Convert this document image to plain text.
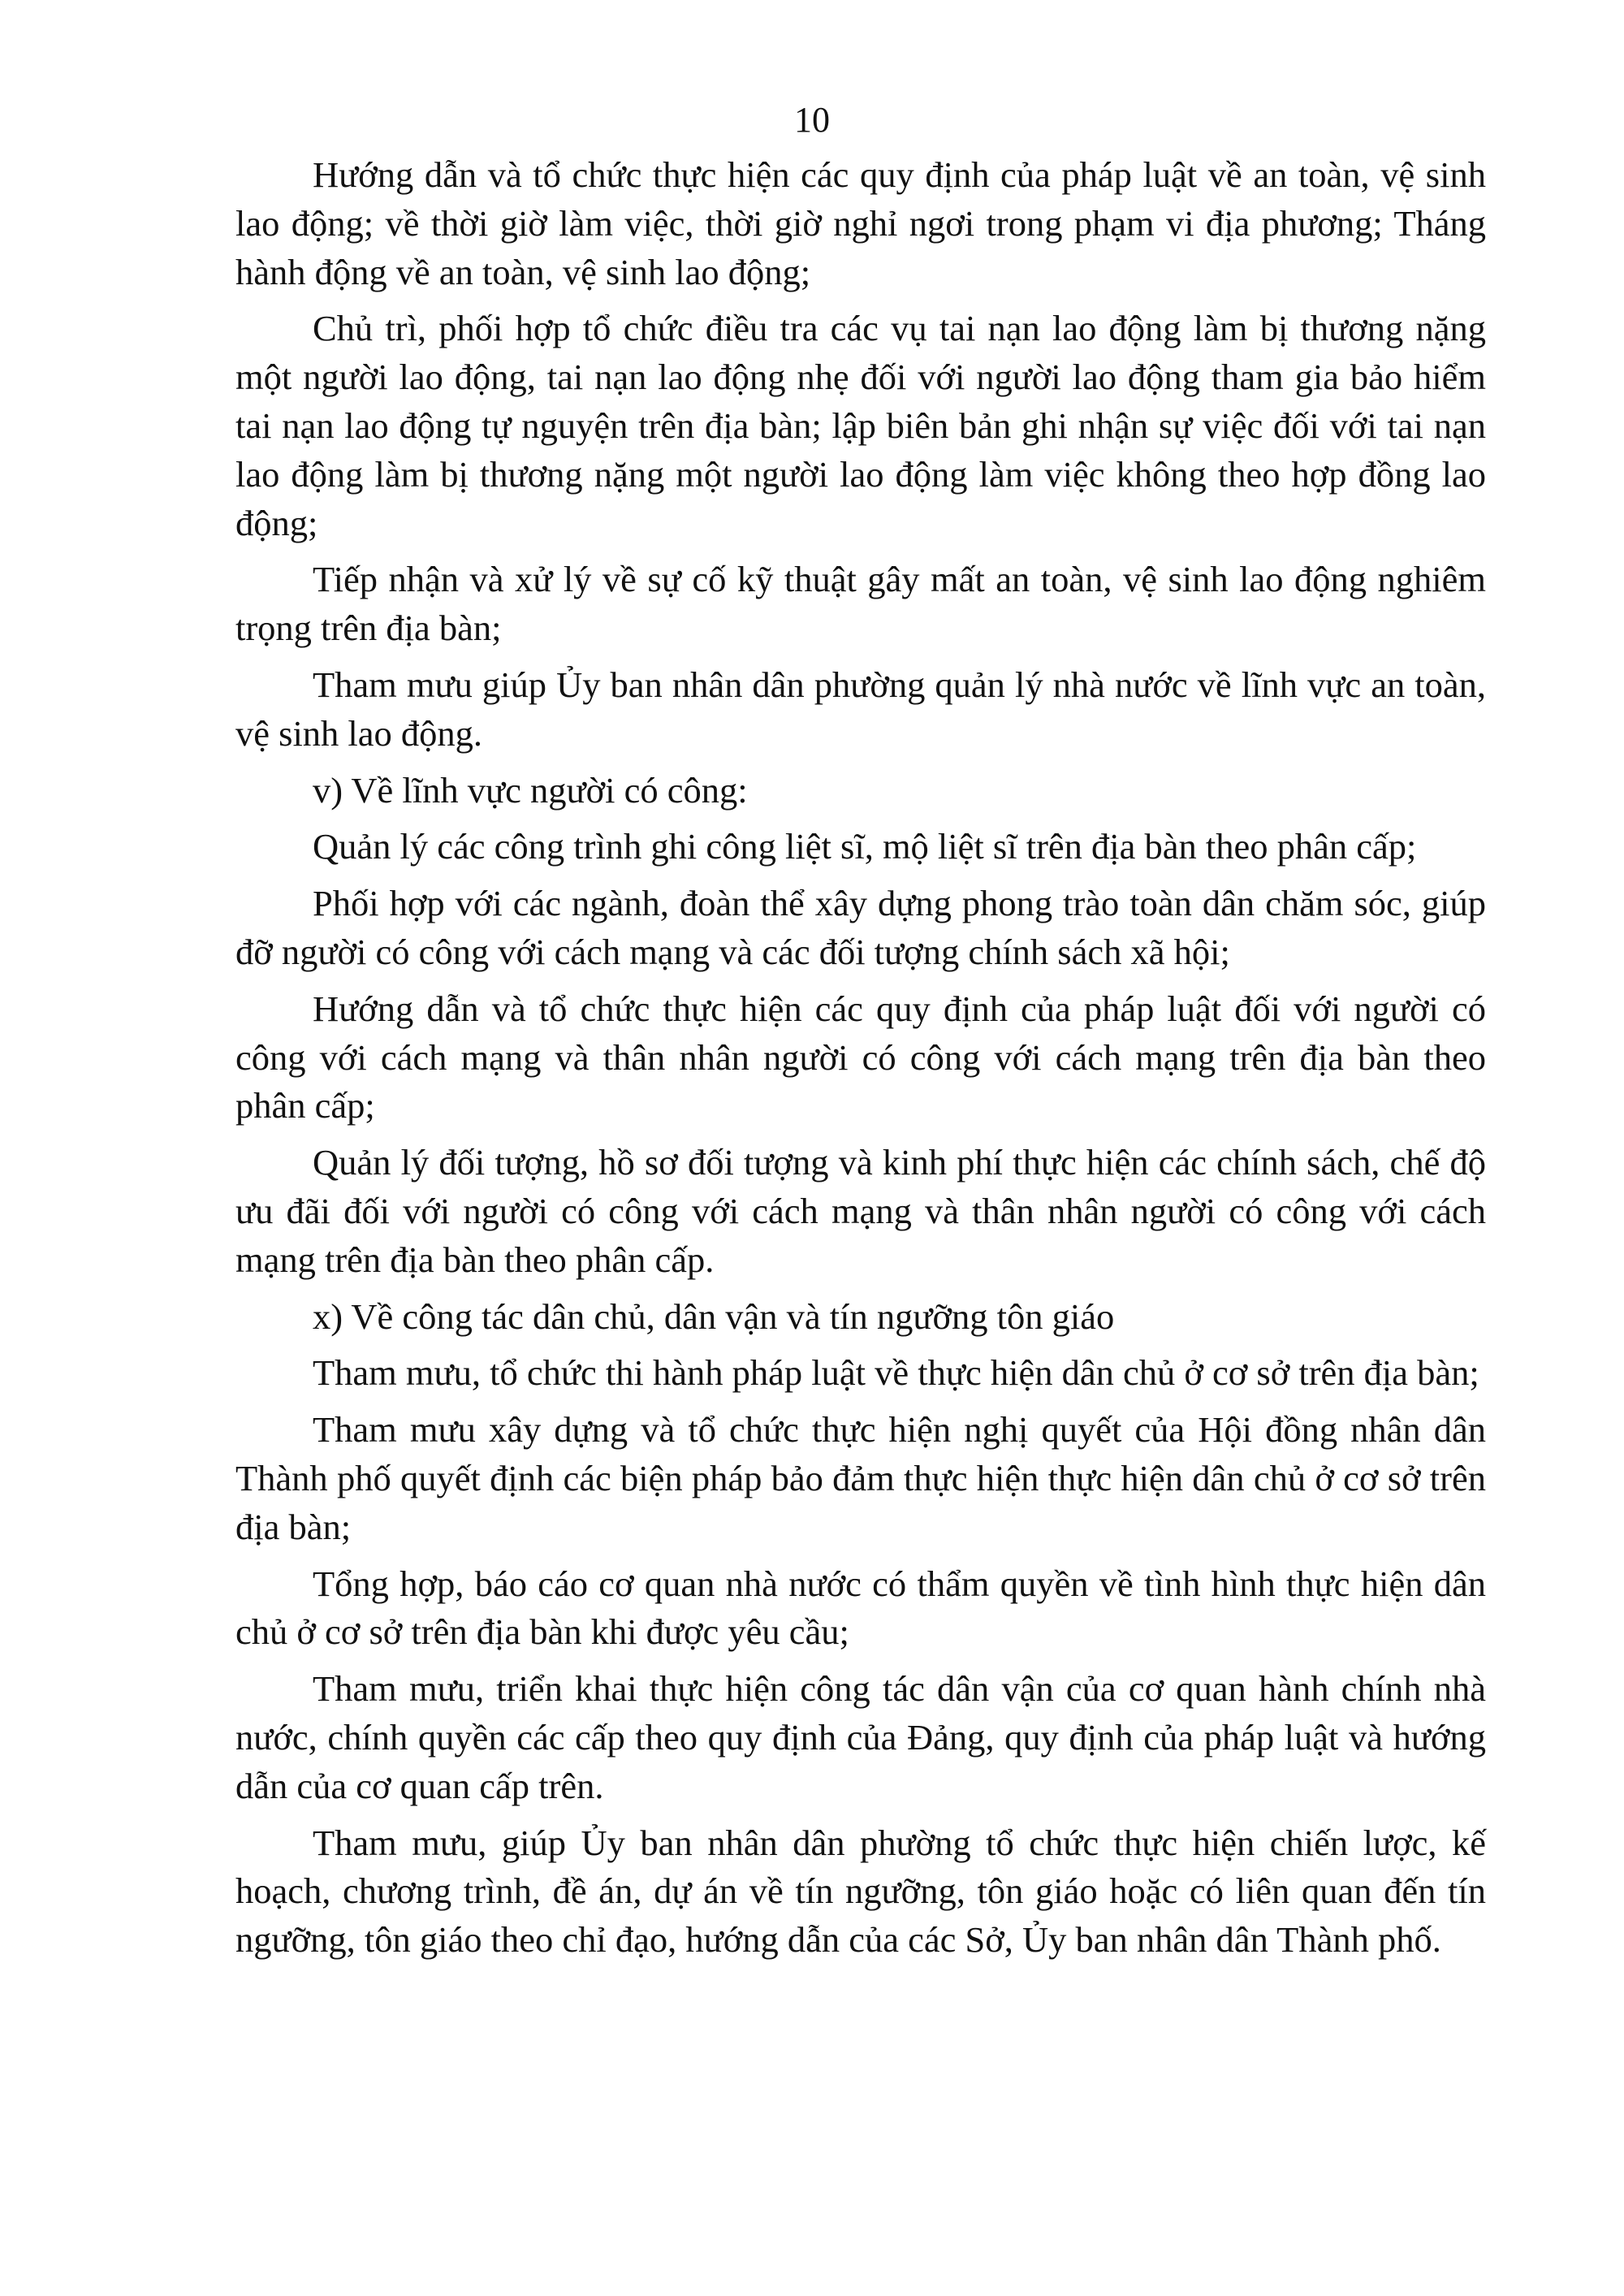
10

Hướng dẫn và tổ chức thực hiện các quy định của pháp luật về an toàn, vệ sinh lao động; về thời giờ làm việc, thời giờ nghỉ ngơi trong phạm vi địa phương; Tháng hành động về an toàn, vệ sinh lao động;

Chủ trì, phối hợp tổ chức điều tra các vụ tai nạn lao động làm bị thương nặng một người lao động, tai nạn lao động nhẹ đối với người lao động tham gia bảo hiểm tai nạn lao động tự nguyện trên địa bàn; lập biên bản ghi nhận sự việc đối với tai nạn lao động làm bị thương nặng một người lao động làm việc không theo hợp đồng lao động;

Tiếp nhận và xử lý về sự cố kỹ thuật gây mất an toàn, vệ sinh lao động nghiêm trọng trên địa bàn;

Tham mưu giúp Ủy ban nhân dân phường quản lý nhà nước về lĩnh vực an toàn, vệ sinh lao động.

v) Về lĩnh vực người có công:

Quản lý các công trình ghi công liệt sĩ, mộ liệt sĩ trên địa bàn theo phân cấp;

Phối hợp với các ngành, đoàn thể xây dựng phong trào toàn dân chăm sóc, giúp đỡ người có công với cách mạng và các đối tượng chính sách xã hội;

Hướng dẫn và tổ chức thực hiện các quy định của pháp luật đối với người có công với cách mạng và thân nhân người có công với cách mạng trên địa bàn theo phân cấp;

Quản lý đối tượng, hồ sơ đối tượng và kinh phí thực hiện các chính sách, chế độ ưu đãi đối với người có công với cách mạng và thân nhân người có công với cách mạng trên địa bàn theo phân cấp.

x) Về công tác dân chủ, dân vận và tín ngưỡng tôn giáo

Tham mưu, tổ chức thi hành pháp luật về thực hiện dân chủ ở cơ sở trên địa bàn;

Tham mưu xây dựng và tổ chức thực hiện nghị quyết của Hội đồng nhân dân Thành phố quyết định các biện pháp bảo đảm thực hiện thực hiện dân chủ ở cơ sở trên địa bàn;

Tổng hợp, báo cáo cơ quan nhà nước có thẩm quyền về tình hình thực hiện dân chủ ở cơ sở trên địa bàn khi được yêu cầu;

Tham mưu, triển khai thực hiện công tác dân vận của cơ quan hành chính nhà nước, chính quyền các cấp theo quy định của Đảng, quy định của pháp luật và hướng dẫn của cơ quan cấp trên.

Tham mưu, giúp Ủy ban nhân dân phường tổ chức thực hiện chiến lược, kế hoạch, chương trình, đề án, dự án về tín ngưỡng, tôn giáo hoặc có liên quan đến tín ngưỡng, tôn giáo theo chỉ đạo, hướng dẫn của các Sở, Ủy ban nhân dân Thành phố.
